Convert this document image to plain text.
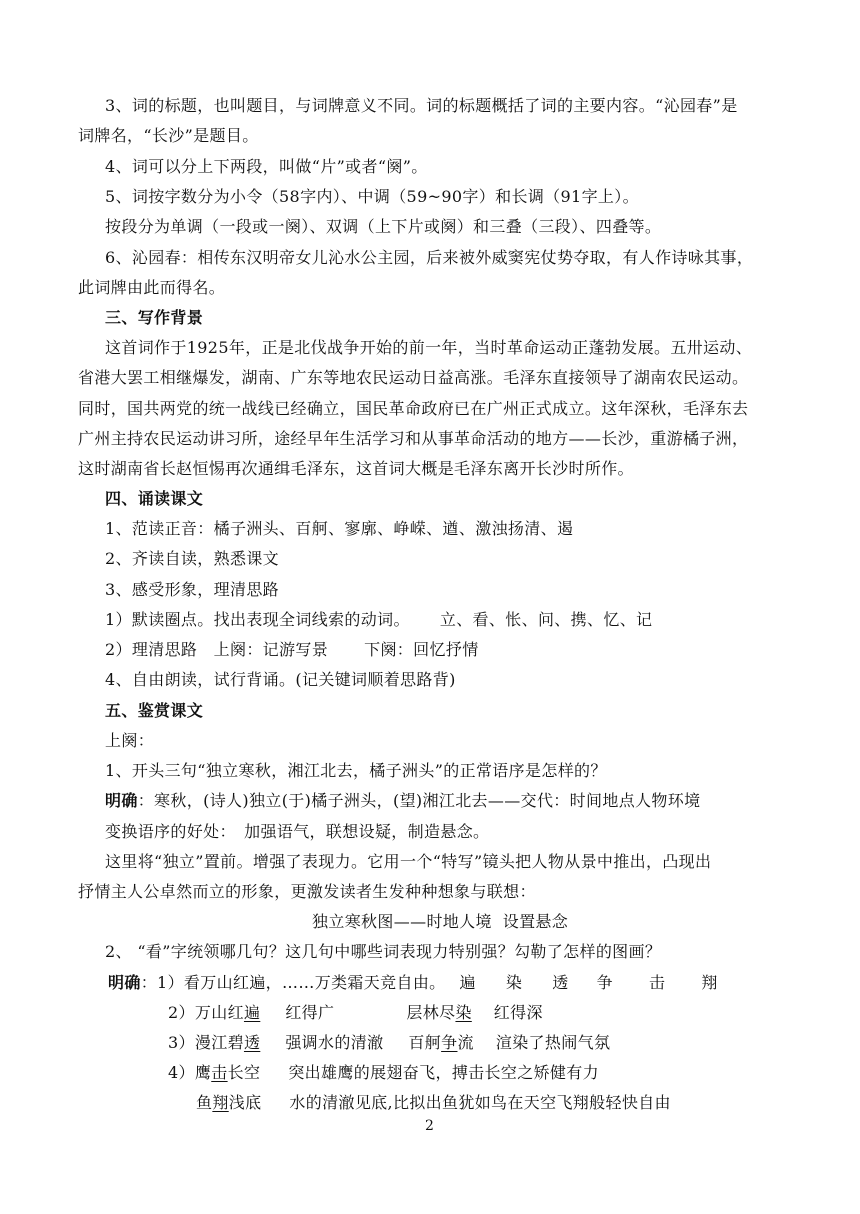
3、词的标题，也叫题目，与词牌意义不同。词的标题概括了词的主要内容。“沁园春”是
词牌名，“长沙”是题目。
4、词可以分上下两段，叫做“片”或者“阕”。
5、词按字数分为小令（58字内）、中调（59~90字）和长调（91字上）。
按段分为单调（一段或一阕）、双调（上下片或阕）和三叠（三段）、四叠等。
6、沁园春：相传东汉明帝女儿沁水公主园，后来被外威窦宪仗势夺取，有人作诗咏其事，
此词牌由此而得名。
三、写作背景
这首词作于1925年，正是北伐战争开始的前一年，当时革命运动正蓬勃发展。五卅运动、
省港大罢工相继爆发，湖南、广东等地农民运动日益高涨。毛泽东直接领导了湖南农民运动。
同时，国共两党的统一战线已经确立，国民革命政府已在广州正式成立。这年深秋，毛泽东去
广州主持农民运动讲习所，途经早年生活学习和从事革命活动的地方——长沙，重游橘子洲，
这时湖南省长赵恒惕再次通缉毛泽东，这首词大概是毛泽东离开长沙时所作。
四、诵读课文
1、范读正音：橘子洲头、百舸、寥廓、峥嵘、遒、激浊扬清、遏
2、齐读自读，熟悉课文
3、感受形象，理清思路
1）默读圈点。找出表现全词线索的动词。 立、看、怅、问、携、忆、记
2）理清思路　上阕：记游写景 下阕：回忆抒情
4、自由朗读，试行背诵。(记关键词顺着思路背)
五、鉴赏课文
上阕：
1、开头三句“独立寒秋，湘江北去，橘子洲头”的正常语序是怎样的？
明确：寒秋，(诗人)独立(于)橘子洲头，(望)湘江北去——交代：时间地点人物环境
变换语序的好处：　加强语气，联想设疑，制造悬念。
这里将“独立”置前。增强了表现力。它用一个“特写”镜头把人物从景中推出，凸现出
抒情主人公卓然而立的形象，更激发读者生发种种想象与联想：
独立寒秋图——时地人境  设置悬念
2、 “看”字统领哪几句？这几句中哪些词表现力特别强？勾勒了怎样的图画？
明确：1）看万山红遍，……万类霜天竞自由。 遍 染 透 争 击 翔
2）万山红遍 红得广	层林尽染 红得深
3）漫江碧透 强调水的清澈 百舸争流 渲染了热闹气氛
4）鹰击长空 突出雄鹰的展翅奋飞，搏击长空之矫健有力
鱼翔浅底 水的清澈见底,比拟出鱼犹如鸟在天空飞翔般轻快自由
2
